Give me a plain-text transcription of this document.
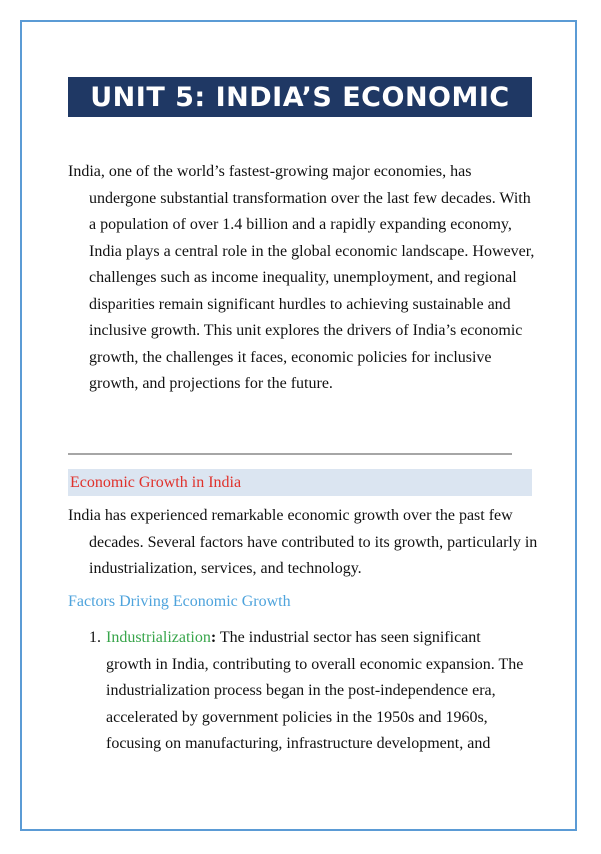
UNIT 5: INDIA’S ECONOMIC

India, one of the world’s fastest-growing major economies, has undergone substantial transformation over the last few decades. With a population of over 1.4 billion and a rapidly expanding economy, India plays a central role in the global economic landscape. However, challenges such as income inequality, unemployment, and regional disparities remain significant hurdles to achieving sustainable and inclusive growth. This unit explores the drivers of India’s economic growth, the challenges it faces, economic policies for inclusive growth, and projections for the future.

Economic Growth in India

India has experienced remarkable economic growth over the past few decades. Several factors have contributed to its growth, particularly in industrialization, services, and technology.

Factors Driving Economic Growth
1. Industrialization: The industrial sector has seen significant growth in India, contributing to overall economic expansion. The industrialization process began in the post-independence era, accelerated by government policies in the 1950s and 1960s, focusing on manufacturing, infrastructure development, and
